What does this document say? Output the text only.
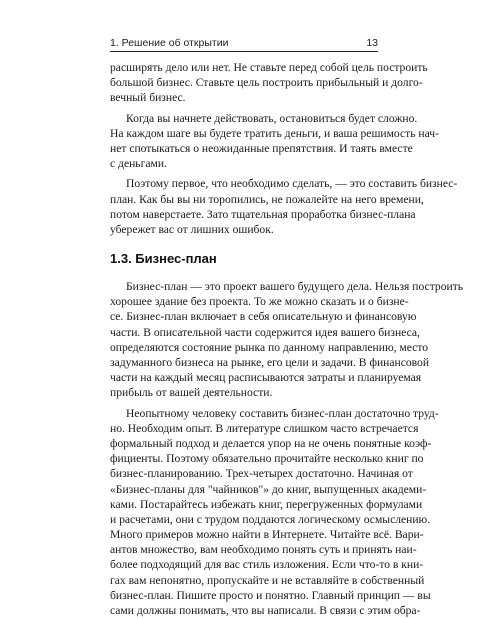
1. Решение об открытии	13
расширять дело или нет. Не ставьте перед собой цель построить
большой бизнес. Ставьте цель построить прибыльный и долго-
вечный бизнес.
Когда вы начнете действовать, остановиться будет сложно.
На каждом шаге вы будете тратить деньги, и ваша решимость нач-
нет спотыкаться о неожиданные препятствия. И таять вместе
с деньгами.
Поэтому первое, что необходимо сделать, — это составить бизнес-
план. Как бы вы ни торопились, не пожалейте на него времени,
потом наверстаете. Зато тщательная проработка бизнес-плана
убережет вас от лишних ошибок.
1.3. Бизнес-план
Бизнес-план — это проект вашего будущего дела. Нельзя построить
хорошее здание без проекта. То же можно сказать и о бизне-
се. Бизнес-план включает в себя описательную и финансовую
части. В описательной части содержится идея вашего бизнеса,
определяются состояние рынка по данному направлению, место
задуманного бизнеса на рынке, его цели и задачи. В финансовой
части на каждый месяц расписываются затраты и планируемая
прибыль от вашей деятельности.
Неопытному человеку составить бизнес-план достаточно труд-
но. Необходим опыт. В литературе слишком часто встречается
формальный подход и делается упор на не очень понятные коэф-
фициенты. Поэтому обязательно прочитайте несколько книг по
бизнес-планированию. Трех-четырех достаточно. Начиная от
«Бизнес-планы для "чайников"» до книг, выпущенных академи-
ками. Постарайтесь избежать книг, перегруженных формулами
и расчетами, они с трудом поддаются логическому осмыслению.
Много примеров можно найти в Интернете. Читайте всё. Вари-
антов множество, вам необходимо понять суть и принять наи-
более подходящий для вас стиль изложения. Если что-то в кни-
гах вам непонятно, пропускайте и не вставляйте в собственный
бизнес-план. Пишите просто и понятно. Главный принцип — вы
сами должны понимать, что вы написали. В связи с этим обра-
